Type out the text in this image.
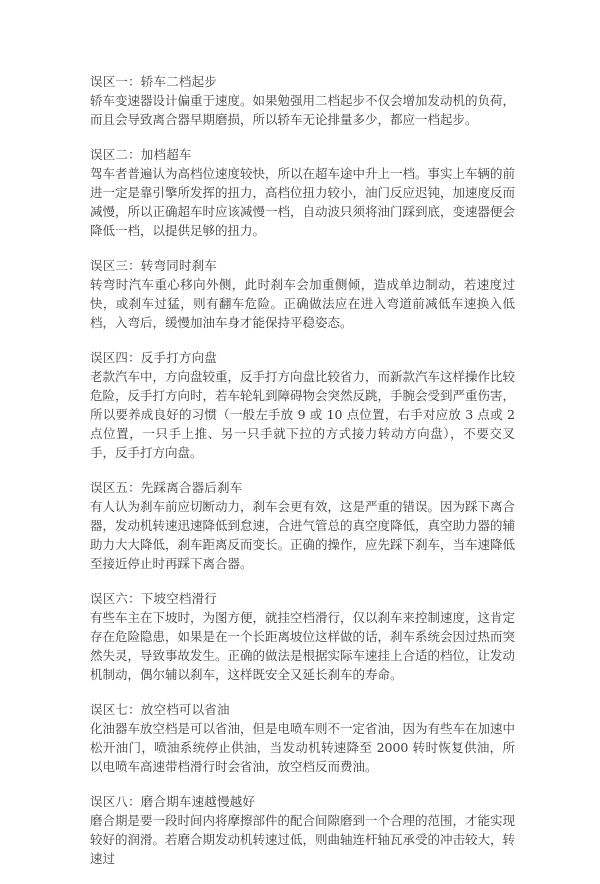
误区一：轿车二档起步

轿车变速器设计偏重于速度。如果勉强用二档起步不仅会增加发动机的负荷，而且会导致离合器早期磨损，所以轿车无论排量多少，都应一档起步。

误区二：加档超车

驾车者普遍认为高档位速度较快，所以在超车途中升上一档。事实上车辆的前进一定是靠引擎所发挥的扭力，高档位扭力较小，油门反应迟钝，加速度反而减慢，所以正确超车时应该减慢一档，自动波只须将油门踩到底，变速器便会降低一档，以提供足够的扭力。

误区三：转弯同时刹车

转弯时汽车重心移向外侧，此时刹车会加重侧倾，造成单边制动，若速度过快，或刹车过猛，则有翻车危险。正确做法应在进入弯道前减低车速换入低档，入弯后，缓慢加油车身才能保持平稳姿态。

误区四：反手打方向盘

老款汽车中，方向盘较重，反手打方向盘比较省力，而新款汽车这样操作比较危险，反手打方向时，若车轮轧到障碍物会突然反跳，手腕会受到严重伤害，所以要养成良好的习惯（一般左手放 9 或 10 点位置，右手对应放 3 点或 2 点位置，一只手上推、另一只手就下拉的方式接力转动方向盘），不要交叉手，反手打方向盘。

误区五：先踩离合器后刹车

有人认为刹车前应切断动力，刹车会更有效，这是严重的错误。因为踩下离合器，发动机转速迅速降低到怠速，合进气管总的真空度降低，真空助力器的辅助力大大降低，刹车距离反而变长。正确的操作，应先踩下刹车，当车速降低至接近停止时再踩下离合器。

误区六：下坡空档滑行

有些车主在下坡时，为图方便，就挂空档滑行，仅以刹车来控制速度，这肯定存在危险隐患，如果是在一个长距离坡位这样做的话，刹车系统会因过热而突然失灵，导致事故发生。正确的做法是根据实际车速挂上合适的档位，让发动机制动，偶尔辅以刹车，这样既安全又延长刹车的寿命。

误区七：放空档可以省油

化油器车放空档是可以省油，但是电喷车则不一定省油，因为有些车在加速中松开油门，喷油系统停止供油，当发动机转速降至 2000 转时恢复供油，所以电喷车高速带档滑行时会省油，放空档反而费油。

误区八：磨合期车速越慢越好

磨合期是要一段时间内将摩擦部件的配合间隙磨到一个合理的范围，才能实现较好的润滑。若磨合期发动机转速过低，则曲轴连杆轴瓦承受的冲击较大，转速过
